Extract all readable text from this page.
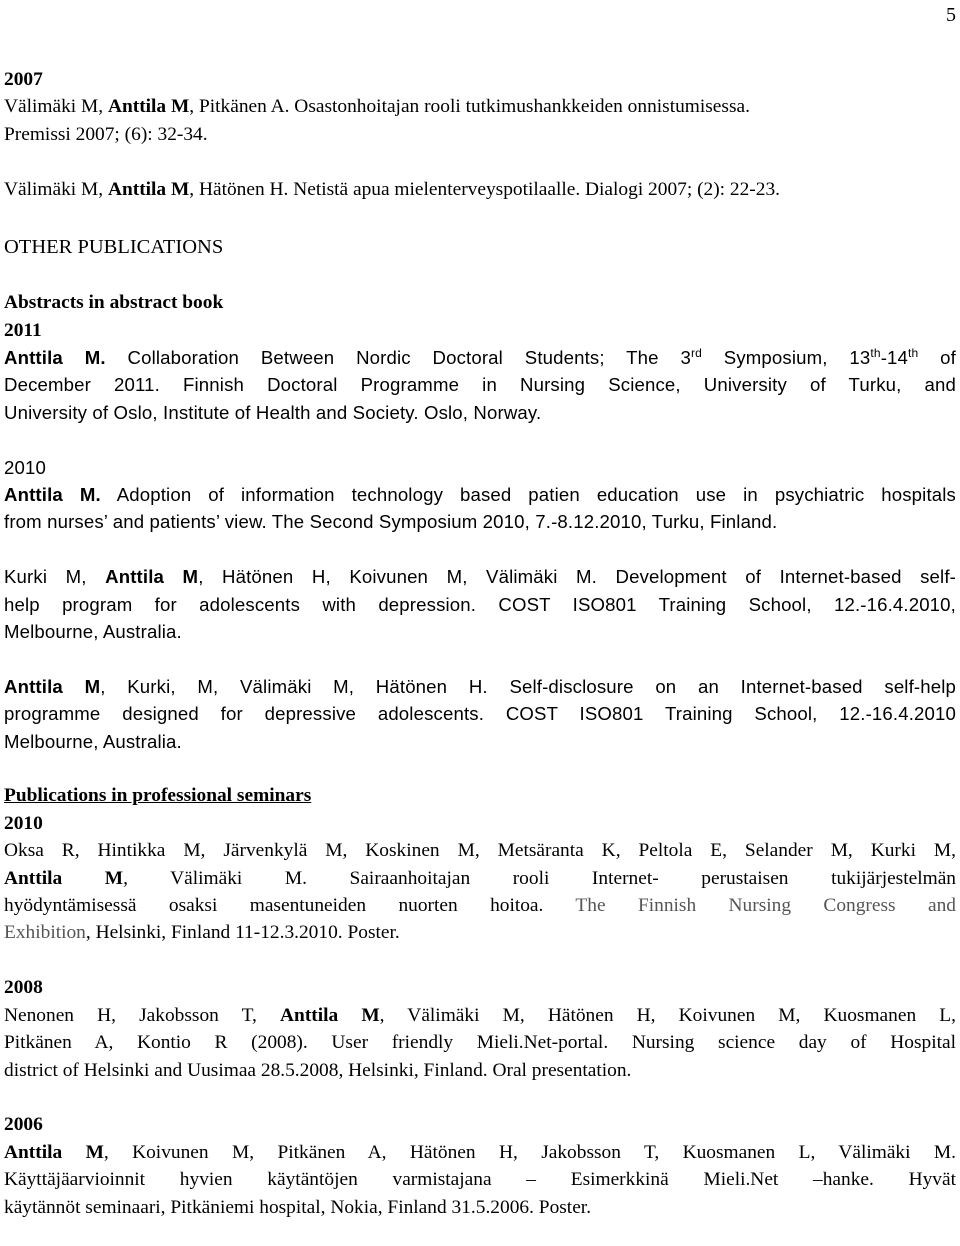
5
2007
Välimäki M, Anttila M, Pitkänen A. Osastonhoitajan rooli tutkimushankkeiden onnistumisessa.
Premissi 2007; (6): 32-34.
Välimäki M, Anttila M, Hätönen H. Netistä apua mielenterveyspotilaalle. Dialogi 2007; (2): 22-23.
OTHER PUBLICATIONS
Abstracts in abstract book
2011
Anttila M. Collaboration Between Nordic Doctoral Students; The 3rd Symposium, 13th-14th of
December 2011. Finnish Doctoral Programme in Nursing Science, University of Turku, and
University of Oslo, Institute of Health and Society. Oslo, Norway.
2010
Anttila M. Adoption of information technology based patien education use in psychiatric hospitals
from nurses’ and patients’ view. The Second Symposium 2010, 7.-8.12.2010, Turku, Finland.
Kurki M, Anttila M, Hätönen H, Koivunen M, Välimäki M. Development of Internet-based self-
help program for adolescents with depression. COST ISO801 Training School, 12.-16.4.2010,
Melbourne, Australia.
Anttila M, Kurki, M, Välimäki M, Hätönen H. Self-disclosure on an Internet-based self-help
programme designed for depressive adolescents. COST ISO801 Training School, 12.-16.4.2010
Melbourne, Australia.
Publications in professional seminars
2010
Oksa R, Hintikka M, Järvenkylä M, Koskinen M, Metsäranta K, Peltola E, Selander M, Kurki M,
Anttila M, Välimäki M. Sairaanhoitajan rooli Internet- perustaisen tukijärjestelmän
hyödyntämisessä osaksi masentuneiden nuorten hoitoa. The Finnish Nursing Congress and
Exhibition, Helsinki, Finland 11-12.3.2010. Poster.
2008
Nenonen H, Jakobsson T, Anttila M, Välimäki M, Hätönen H, Koivunen M, Kuosmanen L,
Pitkänen A, Kontio R (2008). User friendly Mieli.Net-portal. Nursing science day of Hospital
district of Helsinki and Uusimaa 28.5.2008, Helsinki, Finland. Oral presentation.
2006
Anttila M, Koivunen M, Pitkänen A, Hätönen H, Jakobsson T, Kuosmanen L, Välimäki M.
Käyttäjäarvioinnit hyvien käytäntöjen varmistajana – Esimerkkinä Mieli.Net –hanke. Hyvät
käytännöt seminaari, Pitkäniemi hospital, Nokia, Finland 31.5.2006. Poster.
